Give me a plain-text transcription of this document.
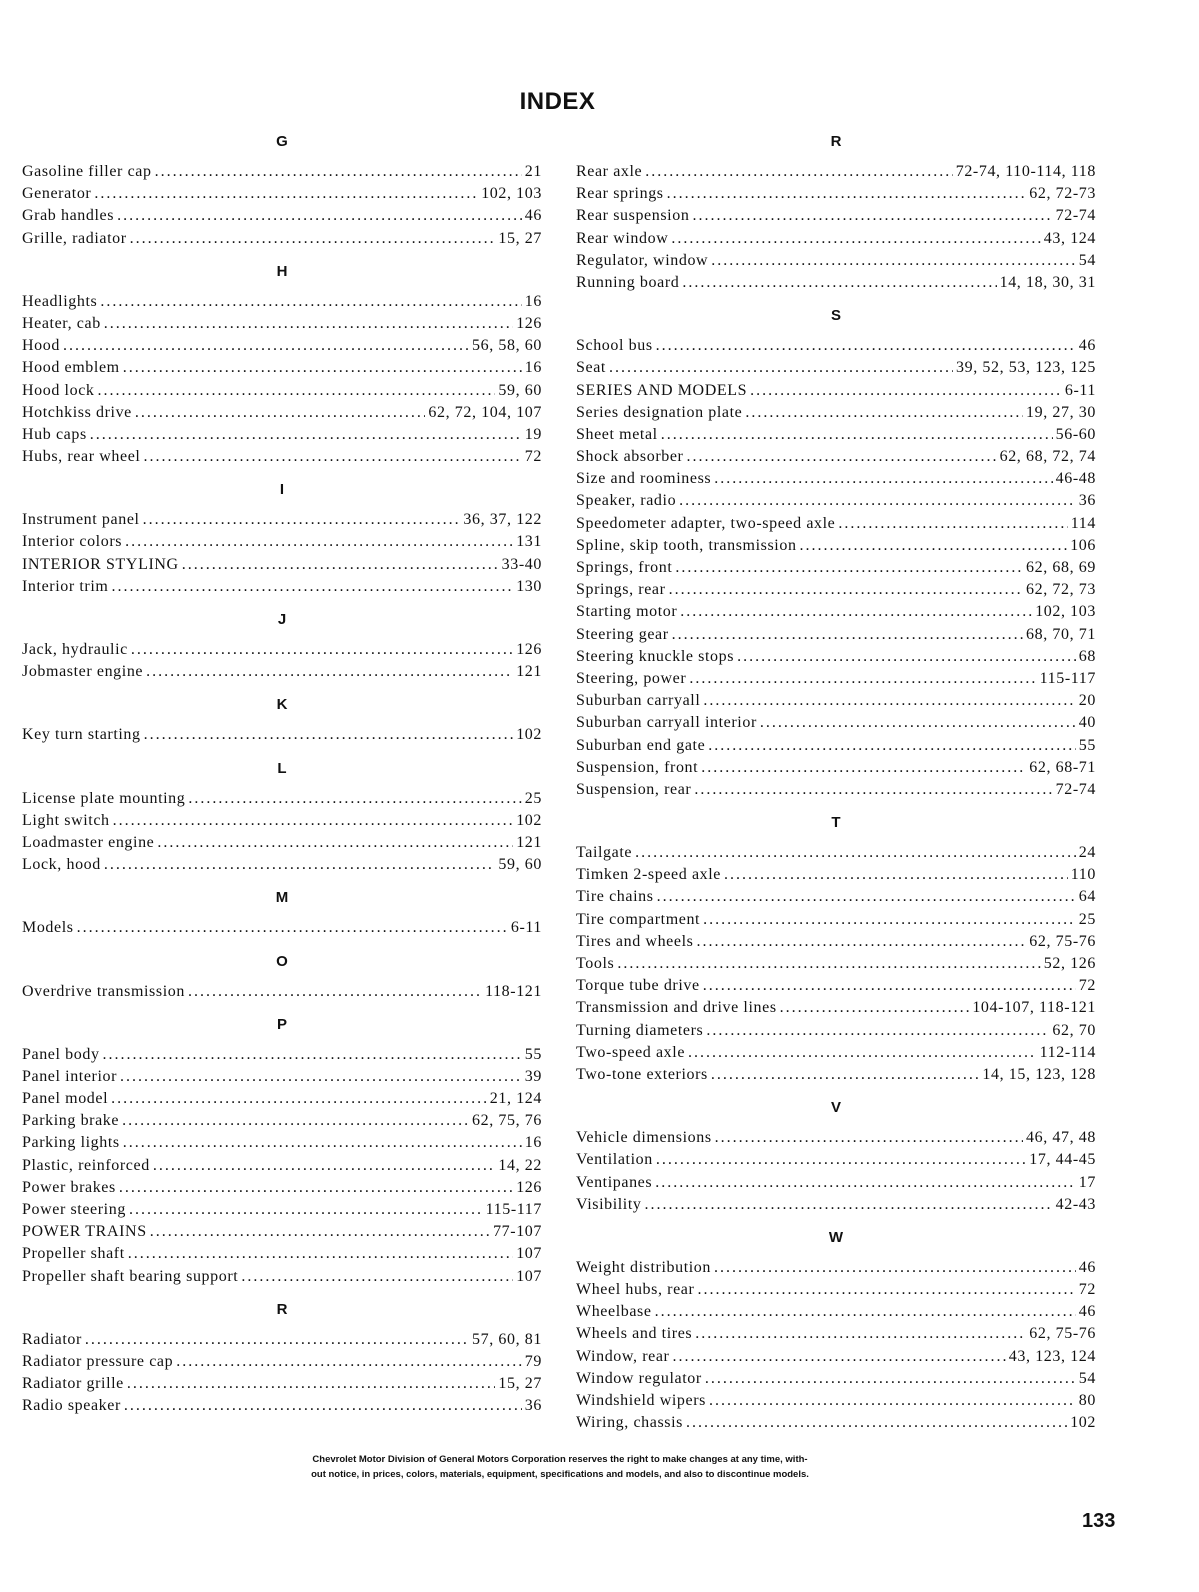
INDEX
G
Gasoline filler cap . . .	21
Generator . . .	102, 103
Grab handles . . .	46
Grille, radiator . . .	15, 27
H
Headlights . . .	16
Heater, cab . . .	126
Hood . . .	56, 58, 60
Hood emblem . . .	16
Hood lock . . .	59, 60
Hotchkiss drive . . .	62, 72, 104, 107
Hub caps . . .	19
Hubs, rear wheel . . .	72
I
Instrument panel . . .	36, 37, 122
Interior colors . . .	131
INTERIOR STYLING . . .	33-40
Interior trim . . .	130
J
Jack, hydraulic . . .	126
Jobmaster engine . . .	121
K
Key turn starting . . .	102
L
License plate mounting . . .	25
Light switch . . .	102
Loadmaster engine . . .	121
Lock, hood . . .	59, 60
M
Models . . .	6-11
O
Overdrive transmission . . .	118-121
P
Panel body . . .	55
Panel interior . . .	39
Panel model . . .	21, 124
Parking brake . . .	62, 75, 76
Parking lights . . .	16
Plastic, reinforced . . .	14, 22
Power brakes . . .	126
Power steering . . .	115-117
POWER TRAINS . . .	77-107
Propeller shaft . . .	107
Propeller shaft bearing support . . .	107
R
Radiator . . .	57, 60, 81
Radiator pressure cap . . .	79
Radiator grille . . .	15, 27
Radio speaker . . .	36
R
Rear axle . . .	72-74, 110-114, 118
Rear springs . . .	62, 72-73
Rear suspension . . .	72-74
Rear window . . .	43, 124
Regulator, window . . .	54
Running board . . .	14, 18, 30, 31
S
School bus . . .	46
Seat . . .	39, 52, 53, 123, 125
SERIES AND MODELS . . .	6-11
Series designation plate . . .	19, 27, 30
Sheet metal . . .	56-60
Shock absorber . . .	62, 68, 72, 74
Size and roominess . . .	46-48
Speaker, radio . . .	36
Speedometer adapter, two-speed axle . . .	114
Spline, skip tooth, transmission . . .	106
Springs, front . . .	62, 68, 69
Springs, rear . . .	62, 72, 73
Starting motor . . .	102, 103
Steering gear . . .	68, 70, 71
Steering knuckle stops . . .	68
Steering, power . . .	115-117
Suburban carryall . . .	20
Suburban carryall interior . . .	40
Suburban end gate . . .	55
Suspension, front . . .	62, 68-71
Suspension, rear . . .	72-74
T
Tailgate . . .	24
Timken 2-speed axle . . .	110
Tire chains . . .	64
Tire compartment . . .	25
Tires and wheels . . .	62, 75-76
Tools . . .	52, 126
Torque tube drive . . .	72
Transmission and drive lines . . .	104-107, 118-121
Turning diameters . . .	62, 70
Two-speed axle . . .	112-114
Two-tone exteriors . . .	14, 15, 123, 128
V
Vehicle dimensions . . .	46, 47, 48
Ventilation . . .	17, 44-45
Ventipanes . . .	17
Visibility . . .	42-43
W
Weight distribution . . .	46
Wheel hubs, rear . . .	72
Wheelbase . . .	46
Wheels and tires . . .	62, 75-76
Window, rear . . .	43, 123, 124
Window regulator . . .	54
Windshield wipers . . .	80
Wiring, chassis . . .	102
Chevrolet Motor Division of General Motors Corporation reserves the right to make changes at any time, with-
out notice, in prices, colors, materials, equipment, specifications and models, and also to discontinue models.
133
